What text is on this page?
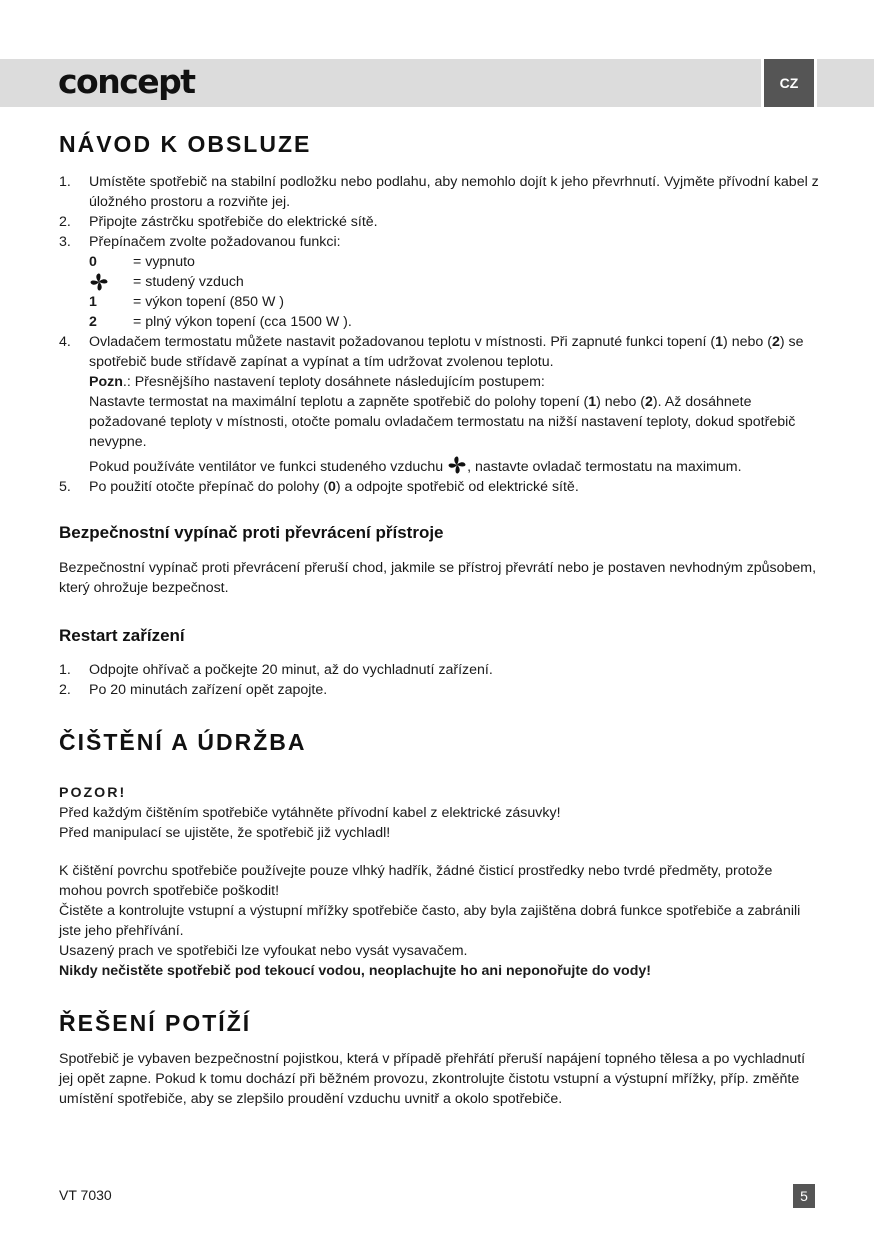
concept	CZ
NÁVOD K OBSLUZE
1. Umístěte spotřebič na stabilní podložku nebo podlahu, aby nemohlo dojít k jeho převrhnutí. Vyjměte přívodní kabel z úložného prostoru a rozviňte jej.
2. Připojte zástrčku spotřebiče do elektrické sítě.
3. Přepínačem zvolte požadovanou funkci:
0	= vypnuto
= studený vzduch
1	= výkon topení (850 W )
2	= plný výkon topení (cca 1500 W ).
4. Ovladačem termostatu můžete nastavit požadovanou teplotu v místnosti. Při zapnuté funkci topení (1) nebo (2) se spotřebič bude střídavě zapínat a vypínat a tím udržovat zvolenou teplotu.
Pozn.: Přesnějšího nastavení teploty dosáhnete následujícím postupem:
Nastavte termostat na maximální teplotu a zapněte spotřebič do polohy topení (1) nebo (2). Až dosáhnete požadované teploty v místnosti, otočte pomalu ovladačem termostatu na nižší nastavení teploty, dokud spotřebič nevypne.
Pokud používáte ventilátor ve funkci studeného vzduchu , nastavte ovladač termostatu na maximum.
5. Po použití otočte přepínač do polohy (0) a odpojte spotřebič od elektrické sítě.
Bezpečnostní vypínač proti převrácení přístroje
Bezpečnostní vypínač proti převrácení přeruší chod, jakmile se přístroj převrátí nebo je postaven nevhodným způsobem, který ohrožuje bezpečnost.
Restart zařízení
1. Odpojte ohřívač a počkejte 20 minut, až do vychladnutí zařízení.
2. Po 20 minutách zařízení opět zapojte.
ČIŠTĚNÍ A ÚDRŽBA
POZOR!
Před každým čištěním spotřebiče vytáhněte přívodní kabel z elektrické zásuvky!
Před manipulací se ujistěte, že spotřebič již vychladl!
K čištění povrchu spotřebiče používejte pouze vlhký hadřík, žádné čisticí prostředky nebo tvrdé předměty, protože mohou povrch spotřebiče poškodit!
Čistěte a kontrolujte vstupní a výstupní mřížky spotřebiče často, aby byla zajištěna dobrá funkce spotřebiče a zabránili jste jeho přehřívání.
Usazený prach ve spotřebiči lze vyfoukat nebo vysát vysavačem.
Nikdy nečistěte spotřebič pod tekoucí vodou, neoplachujte ho ani neponořujte do vody!
ŘEŠENÍ POTÍŽÍ
Spotřebič je vybaven bezpečnostní pojistkou, která v případě přehřátí přeruší napájení topného tělesa a po vychladnutí jej opět zapne. Pokud k tomu dochází při běžném provozu, zkontrolujte čistotu vstupní a výstupní mřížky, příp. změňte umístění spotřebiče, aby se zlepšilo proudění vzduchu uvnitř a okolo spotřebiče.
VT 7030	5
